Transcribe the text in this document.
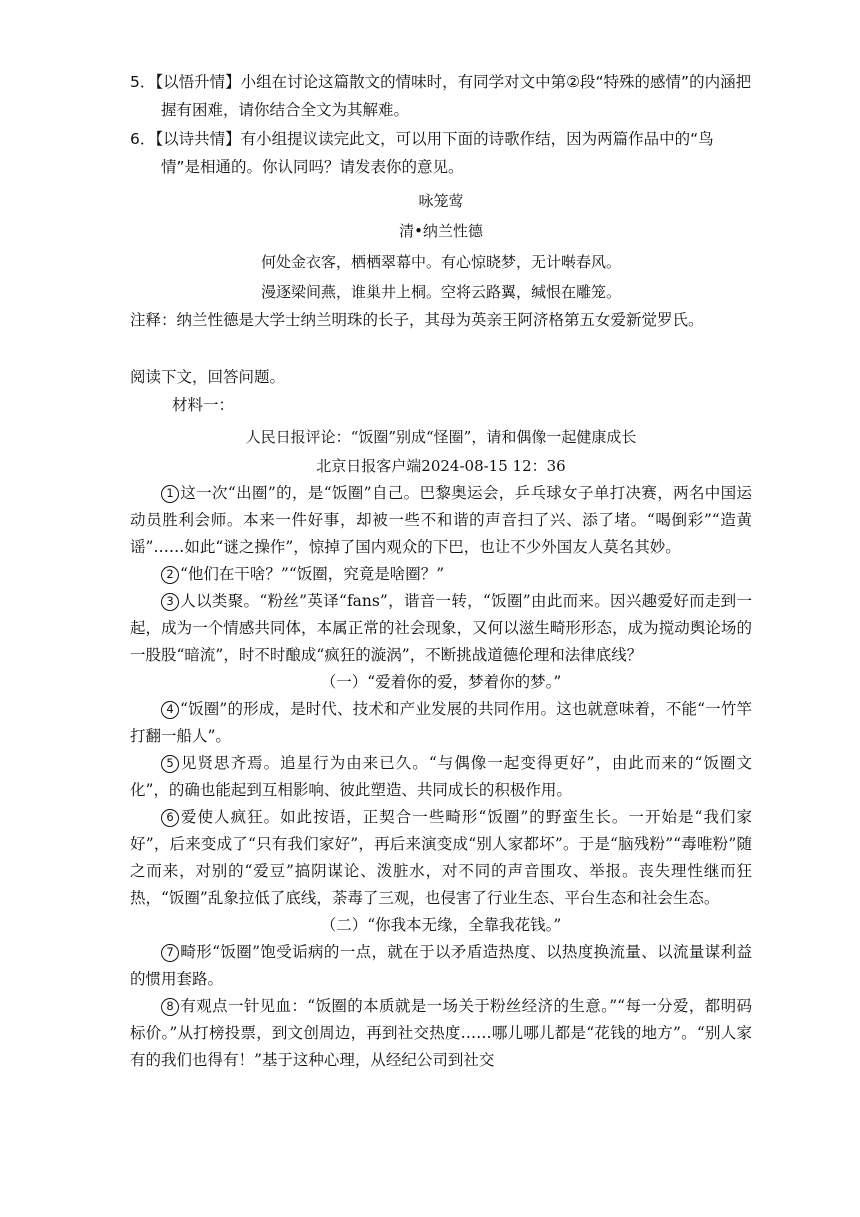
5．【以悟升情】小组在讨论这篇散文的情味时，有同学对文中第②段“特殊的感情”的内涵把握有困难，请你结合全文为其解难。

6．【以诗共情】有小组提议读完此文，可以用下面的诗歌作结，因为两篇作品中的“鸟情”是相通的。你认同吗？请发表你的意见。

咏笼莺

清•纳兰性德

何处金衣客，栖栖翠幕中。有心惊晓梦，无计啭春风。

漫逐梁间燕，谁巢井上桐。空将云路翼，缄恨在雕笼。

注释：纳兰性德是大学士纳兰明珠的长子，其母为英亲王阿济格第五女爱新觉罗氏。

阅读下文，回答问题。

材料一：

人民日报评论：“饭圈”别成“怪圈”，请和偶像一起健康成长

北京日报客户端2024-08-15 12：36

1 这一次“出圈”的，是“饭圈”自己。巴黎奥运会，乒乓球女子单打决赛，两名中国运动员胜利会师。本来一件好事，却被一些不和谐的声音扫了兴、添了堵。“喝倒彩”“造黄谣”……如此“谜之操作”，惊掉了国内观众的下巴，也让不少外国友人莫名其妙。

2 “他们在干啥？”“饭圈，究竟是啥圈？”

3 人以类聚。“粉丝”英译“fans”，谐音一转，“饭圈”由此而来。因兴趣爱好而走到一起，成为一个情感共同体，本属正常的社会现象，又何以滋生畸形形态，成为搅动舆论场的一股股“暗流”，时不时酿成“疯狂的漩涡”，不断挑战道德伦理和法律底线？

（一）“爱着你的爱，梦着你的梦。”

4 “饭圈”的形成，是时代、技术和产业发展的共同作用。这也就意味着，不能“一竹竿打翻一船人”。

5 见贤思齐焉。追星行为由来已久。“与偶像一起变得更好”，由此而来的“饭圈文化”，的确也能起到互相影响、彼此塑造、共同成长的积极作用。

6 爱使人疯狂。如此按语，正契合一些畸形“饭圈”的野蛮生长。一开始是“我们家好”，后来变成了“只有我们家好”，再后来演变成“别人家都坏”。于是“脑残粉”“毒唯粉”随之而来，对别的“爱豆”搞阴谋论、泼脏水，对不同的声音围攻、举报。丧失理性继而狂热，“饭圈”乱象拉低了底线，荼毒了三观，也侵害了行业生态、平台生态和社会生态。

（二）“你我本无缘，全靠我花钱。”

7 畸形“饭圈”饱受诟病的一点，就在于以矛盾造热度、以热度换流量、以流量谋利益的惯用套路。

8 有观点一针见血：“饭圈的本质就是一场关于粉丝经济的生意。”“每一分爱，都明码标价。”从打榜投票，到文创周边，再到社交热度……哪儿哪儿都是“花钱的地方”。“别人家有的我们也得有！”基于这种心理，从经纪公司到社交
